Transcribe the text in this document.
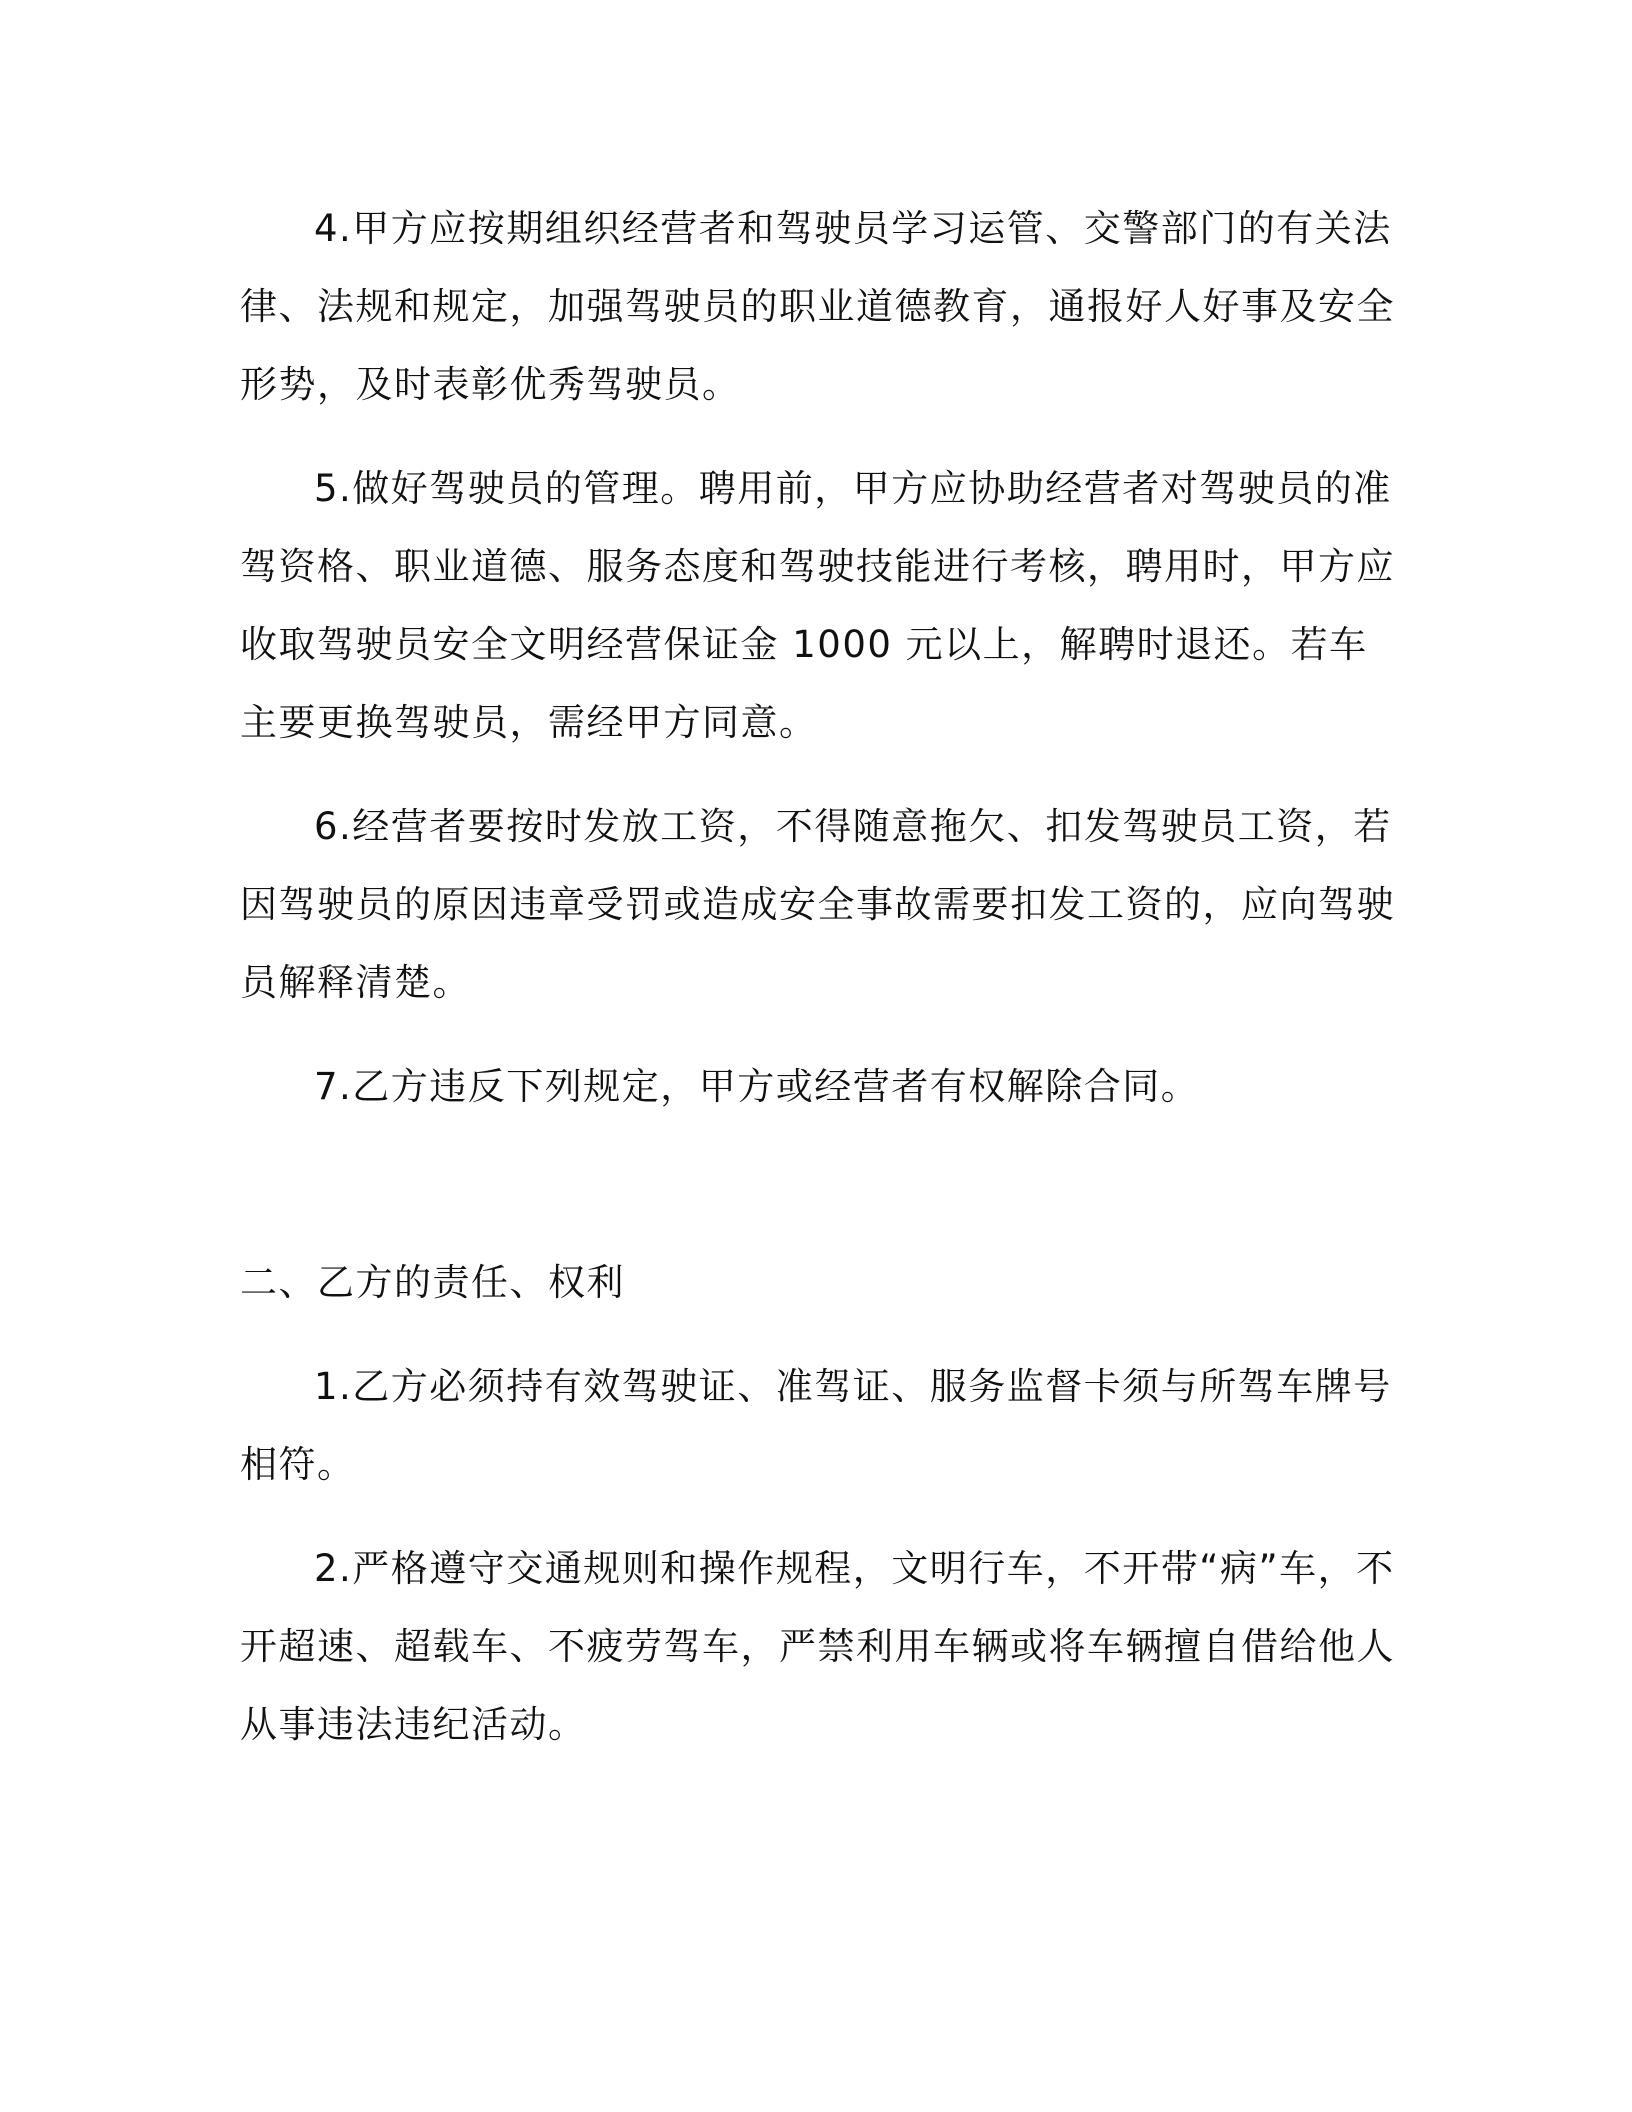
4.甲方应按期组织经营者和驾驶员学习运管、交警部门的有关法律、法规和规定，加强驾驶员的职业道德教育，通报好人好事及安全形势，及时表彰优秀驾驶员。

5.做好驾驶员的管理。聘用前，甲方应协助经营者对驾驶员的准驾资格、职业道德、服务态度和驾驶技能进行考核，聘用时，甲方应收取驾驶员安全文明经营保证金 1000 元以上，解聘时退还。若车主要更换驾驶员，需经甲方同意。

6.经营者要按时发放工资，不得随意拖欠、扣发驾驶员工资，若因驾驶员的原因违章受罚或造成安全事故需要扣发工资的，应向驾驶员解释清楚。

7.乙方违反下列规定，甲方或经营者有权解除合同。

二、乙方的责任、权利

1.乙方必须持有效驾驶证、准驾证、服务监督卡须与所驾车牌号相符。

2.严格遵守交通规则和操作规程，文明行车，不开带“病”车，不开超速、超载车、不疲劳驾车，严禁利用车辆或将车辆擅自借给他人从事违法违纪活动。
